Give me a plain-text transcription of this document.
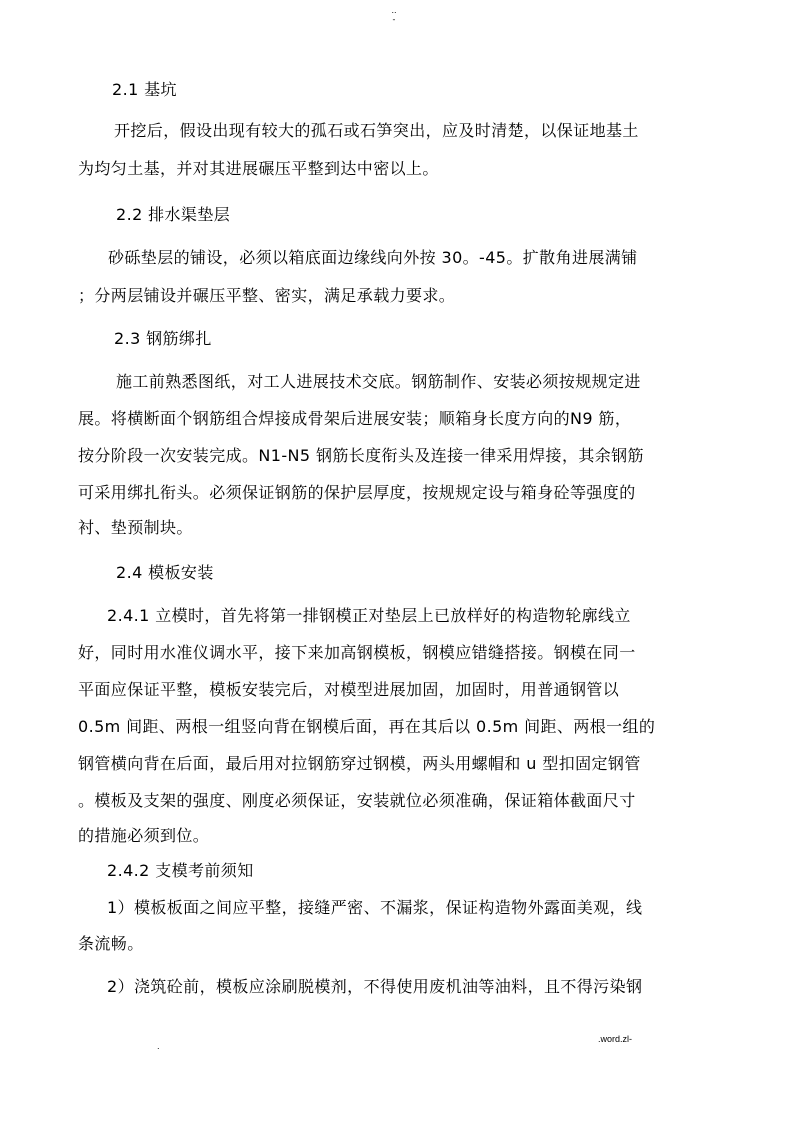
..
-
2.1 基坑
开挖后，假设出现有较大的孤石或石笋突出，应及时清楚，以保证地基土
为均匀土基，并对其进展碾压平整到达中密以上。
2.2 排水渠垫层
砂砾垫层的铺设，必须以箱底面边缘线向外按 30。-45。扩散角进展满铺
；分两层铺设并碾压平整、密实，满足承载力要求。
2.3 钢筋绑扎
施工前熟悉图纸，对工人进展技术交底。钢筋制作、安装必须按规规定进
展。将横断面个钢筋组合焊接成骨架后进展安装；顺箱身长度方向的N9 筋，
按分阶段一次安装完成。N1-N5 钢筋长度衔头及连接一律采用焊接，其余钢筋
可采用绑扎衔头。必须保证钢筋的保护层厚度，按规规定设与箱身砼等强度的
衬、垫预制块。
2.4 模板安装
2.4.1 立模时，首先将第一排钢模正对垫层上已放样好的构造物轮廓线立
好，同时用水准仪调水平，接下来加高钢模板，钢模应错缝搭接。钢模在同一
平面应保证平整，模板安装完后，对模型进展加固，加固时，用普通钢管以
0.5m 间距、两根一组竖向背在钢模后面，再在其后以 0.5m 间距、两根一组的
钢管横向背在后面，最后用对拉钢筋穿过钢模，两头用螺帽和 u 型扣固定钢管
。模板及支架的强度、刚度必须保证，安装就位必须准确，保证箱体截面尺寸
的措施必须到位。
2.4.2 支模考前须知
1）模板板面之间应平整，接缝严密、不漏浆，保证构造物外露面美观，线
条流畅。
2）浇筑砼前，模板应涂刷脱模剂，不得使用废机油等油料，且不得污染钢
.
.word.zl-
